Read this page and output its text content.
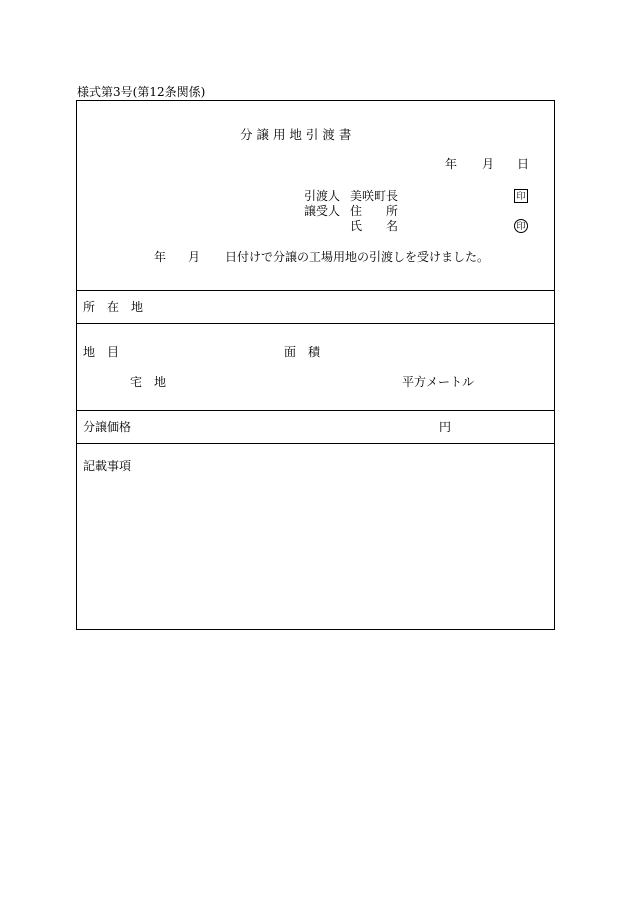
様式第3号(第12条関係)
分 譲 用 地 引 渡 書
年 月 日
引渡人 美咲町長	印
譲受人 住　　所
氏　　名	印
年 月 日付けで分譲の工場用地の引渡しを受けました。
所　在　地
地　目	面　積
宅　地	平方メートル
分譲価格	円
記載事項
